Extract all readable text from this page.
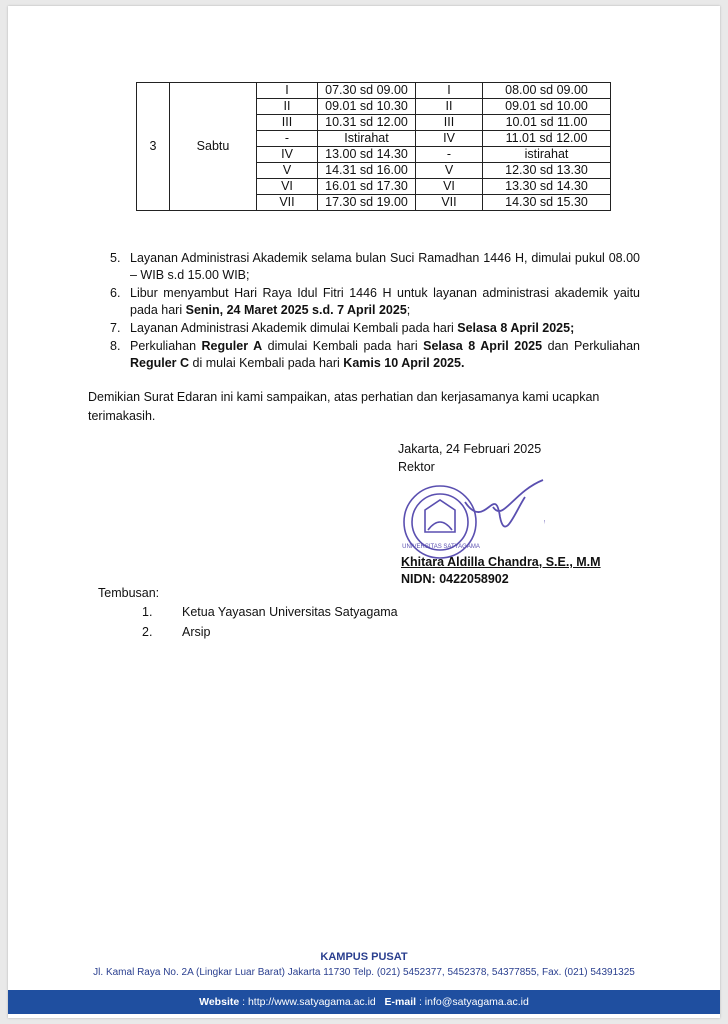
3	Sabtu	I	07.30 sd 09.00	I	08.00 sd 09.00
		II	09.01 sd 10.30	II	09.01 sd 10.00
		III	10.31 sd 12.00	III	10.01 sd 11.00
		-	Istirahat	IV	11.01 sd 12.00
		IV	13.00 sd 14.30	-	istirahat
		V	14.31 sd 16.00	V	12.30 sd 13.30
		VI	16.01 sd 17.30	VI	13.30 sd 14.30
		VII	17.30 sd 19.00	VII	14.30 sd 15.30
5. Layanan Administrasi Akademik selama bulan Suci Ramadhan 1446 H, dimulai pukul 08.00 – WIB s.d 15.00 WIB;
6. Libur menyambut Hari Raya Idul Fitri 1446 H untuk layanan administrasi akademik yaitu pada hari Senin, 24 Maret 2025 s.d. 7 April 2025;
7. Layanan Administrasi Akademik dimulai Kembali pada hari Selasa 8 April 2025;
8. Perkuliahan Reguler A dimulai Kembali pada hari Selasa 8 April 2025 dan Perkuliahan Reguler C di mulai Kembali pada hari Kamis 10 April 2025.
Demikian Surat Edaran ini kami sampaikan, atas perhatian dan kerjasamanya kami ucapkan terimakasih.
UNIVERSITAS SATYAGAMA
Jakarta, 24 Februari 2025
Rektor
Khitara Aldilla Chandra, S.E., M.M
NIDN: 0422058902
Tembusan:
1. Ketua Yayasan Universitas Satyagama
2. Arsip
KAMPUS PUSAT
Jl. Kamal Raya No. 2A (Lingkar Luar Barat) Jakarta 11730 Telp. (021) 5452377, 5452378, 54377855, Fax. (021) 54391325
Website : http://www.satyagama.ac.id E-mail : info@satyagama.ac.id
